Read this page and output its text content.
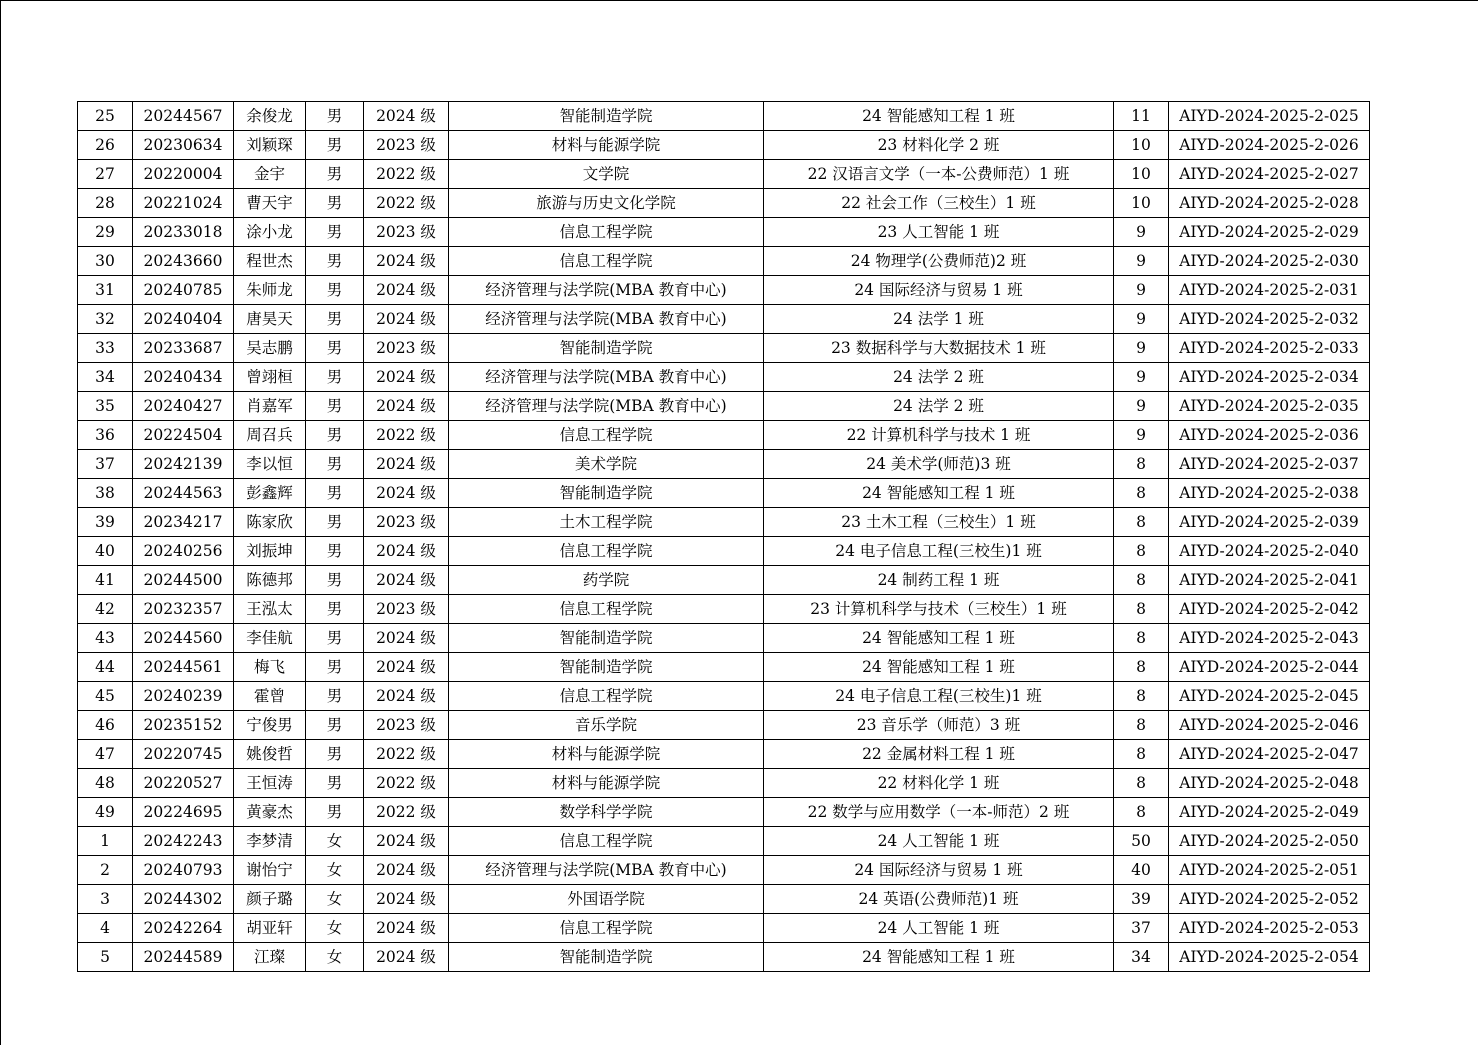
25	20244567	余俊龙	男	2024 级	智能制造学院	24 智能感知工程 1 班	11	AIYD-2024-2025-2-025
26	20230634	刘颖琛	男	2023 级	材料与能源学院	23 材料化学 2 班	10	AIYD-2024-2025-2-026
27	20220004	金宇	男	2022 级	文学院	22 汉语言文学（一本-公费师范）1 班	10	AIYD-2024-2025-2-027
28	20221024	曹天宇	男	2022 级	旅游与历史文化学院	22 社会工作（三校生）1 班	10	AIYD-2024-2025-2-028
29	20233018	涂小龙	男	2023 级	信息工程学院	23 人工智能 1 班	9	AIYD-2024-2025-2-029
30	20243660	程世杰	男	2024 级	信息工程学院	24 物理学(公费师范)2 班	9	AIYD-2024-2025-2-030
31	20240785	朱师龙	男	2024 级	经济管理与法学院(MBA 教育中心)	24 国际经济与贸易 1 班	9	AIYD-2024-2025-2-031
32	20240404	唐昊天	男	2024 级	经济管理与法学院(MBA 教育中心)	24 法学 1 班	9	AIYD-2024-2025-2-032
33	20233687	吴志鹏	男	2023 级	智能制造学院	23 数据科学与大数据技术 1 班	9	AIYD-2024-2025-2-033
34	20240434	曾翊桓	男	2024 级	经济管理与法学院(MBA 教育中心)	24 法学 2 班	9	AIYD-2024-2025-2-034
35	20240427	肖嘉军	男	2024 级	经济管理与法学院(MBA 教育中心)	24 法学 2 班	9	AIYD-2024-2025-2-035
36	20224504	周召兵	男	2022 级	信息工程学院	22 计算机科学与技术 1 班	9	AIYD-2024-2025-2-036
37	20242139	李以恒	男	2024 级	美术学院	24 美术学(师范)3 班	8	AIYD-2024-2025-2-037
38	20244563	彭鑫辉	男	2024 级	智能制造学院	24 智能感知工程 1 班	8	AIYD-2024-2025-2-038
39	20234217	陈家欣	男	2023 级	土木工程学院	23 土木工程（三校生）1 班	8	AIYD-2024-2025-2-039
40	20240256	刘振坤	男	2024 级	信息工程学院	24 电子信息工程(三校生)1 班	8	AIYD-2024-2025-2-040
41	20244500	陈德邦	男	2024 级	药学院	24 制药工程 1 班	8	AIYD-2024-2025-2-041
42	20232357	王泓太	男	2023 级	信息工程学院	23 计算机科学与技术（三校生）1 班	8	AIYD-2024-2025-2-042
43	20244560	李佳航	男	2024 级	智能制造学院	24 智能感知工程 1 班	8	AIYD-2024-2025-2-043
44	20244561	梅飞	男	2024 级	智能制造学院	24 智能感知工程 1 班	8	AIYD-2024-2025-2-044
45	20240239	霍曾	男	2024 级	信息工程学院	24 电子信息工程(三校生)1 班	8	AIYD-2024-2025-2-045
46	20235152	宁俊男	男	2023 级	音乐学院	23 音乐学（师范）3 班	8	AIYD-2024-2025-2-046
47	20220745	姚俊哲	男	2022 级	材料与能源学院	22 金属材料工程 1 班	8	AIYD-2024-2025-2-047
48	20220527	王恒涛	男	2022 级	材料与能源学院	22 材料化学 1 班	8	AIYD-2024-2025-2-048
49	20224695	黄豪杰	男	2022 级	数学科学学院	22 数学与应用数学（一本-师范）2 班	8	AIYD-2024-2025-2-049
1	20242243	李梦清	女	2024 级	信息工程学院	24 人工智能 1 班	50	AIYD-2024-2025-2-050
2	20240793	谢怡宁	女	2024 级	经济管理与法学院(MBA 教育中心)	24 国际经济与贸易 1 班	40	AIYD-2024-2025-2-051
3	20244302	颜子璐	女	2024 级	外国语学院	24 英语(公费师范)1 班	39	AIYD-2024-2025-2-052
4	20242264	胡亚轩	女	2024 级	信息工程学院	24 人工智能 1 班	37	AIYD-2024-2025-2-053
5	20244589	江璨	女	2024 级	智能制造学院	24 智能感知工程 1 班	34	AIYD-2024-2025-2-054
